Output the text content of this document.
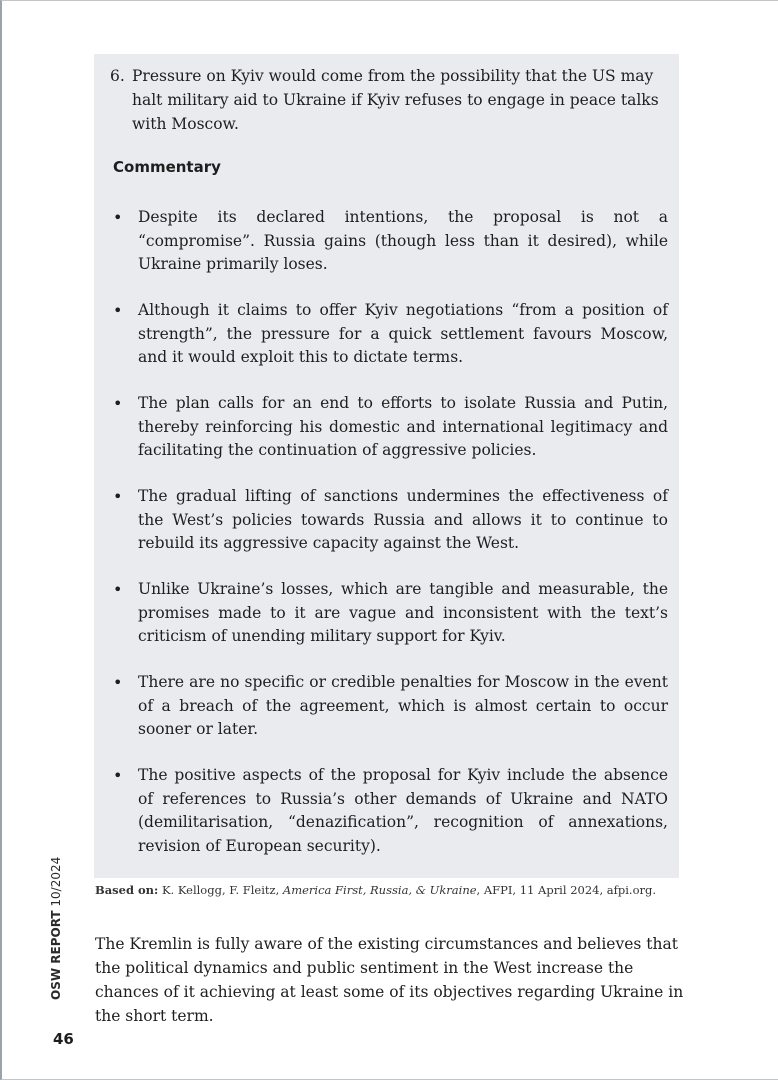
6. Pressure on Kyiv would come from the possibility that the US may halt military aid to Ukraine if Kyiv refuses to engage in peace talks with Moscow.
Commentary
• Despite its declared intentions, the proposal is not a “compromise”. Russia gains (though less than it desired), while Ukraine primarily loses.
• Although it claims to offer Kyiv negotiations “from a position of strength”, the pressure for a quick settlement favours Moscow, and it would exploit this to dictate terms.
• The plan calls for an end to efforts to isolate Russia and Putin, thereby reinforcing his domestic and international legitimacy and facilitating the continuation of aggressive policies.
• The gradual lifting of sanctions undermines the effectiveness of the West’s policies towards Russia and allows it to continue to rebuild its aggressive capacity against the West.
• Unlike Ukraine’s losses, which are tangible and measurable, the promises made to it are vague and inconsistent with the text’s criticism of unending military support for Kyiv.
• There are no specific or credible penalties for Moscow in the event of a breach of the agreement, which is almost certain to occur sooner or later.
• The positive aspects of the proposal for Kyiv include the absence of references to Russia’s other demands of Ukraine and NATO (demilitarisation, “denazification”, recognition of annexations, revision of European security).
Based on: K. Kellogg, F. Fleitz, America First, Russia, & Ukraine, AFPI, 11 April 2024, afpi.org.
The Kremlin is fully aware of the existing circumstances and believes that the political dynamics and public sentiment in the West increase the chances of it achieving at least some of its objectives regarding Ukraine in the short term.
OSW REPORT 10/2024
46
